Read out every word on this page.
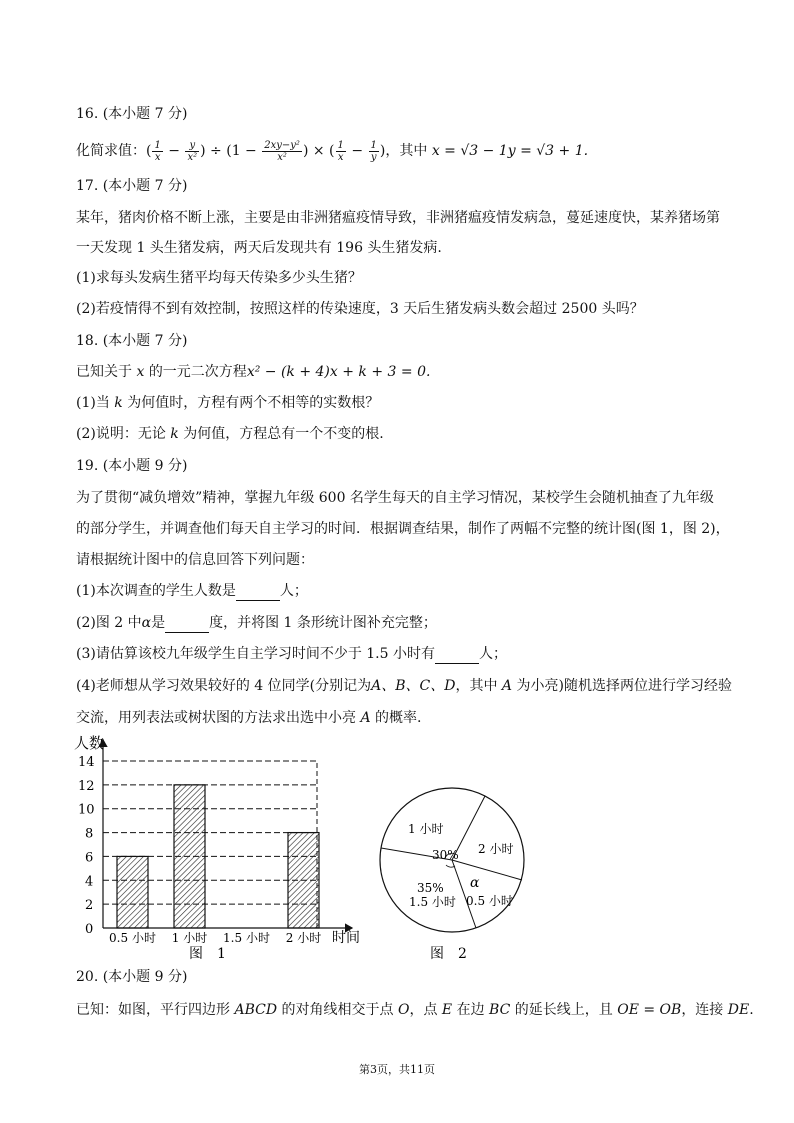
16. (本小题 7 分)
化简求值：( $\frac{1}{x} - \frac{y}{\text{x²}}$ ) ÷ ($1 - \frac{\text{2xy−y²}}{\text{x²}}$ ) × ( $\frac{1}{x} - \frac{1}{y}$ )，其中 x = √3 − 1y = √3 + 1.
17. (本小题 7 分)
某年，猪肉价格不断上涨，主要是由非洲猪瘟疫情导致，非洲猪瘟疫情发病急，蔓延速度快，某养猪场第
一天发现 1 头生猪发病，两天后发现共有 196 头生猪发病.
(1)求每头发病生猪平均每天传染多少头生猪？
(2)若疫情得不到有效控制，按照这样的传染速度，3 天后生猪发病头数会超过 2500 头吗？
18. (本小题 7 分)
已知关于 x 的一元二次方程x² − (k + 4)x + k + 3 = 0.
(1)当 k 为何值时，方程有两个不相等的实数根？
(2)说明：无论 k 为何值，方程总有一个不变的根.
19. (本小题 9 分)
为了贯彻“减负增效”精神，掌握九年级 600 名学生每天的自主学习情况，某校学生会随机抽查了九年级
的部分学生，并调查他们每天自主学习的时间．根据调查结果，制作了两幅不完整的统计图(图 1，图 2)，
请根据统计图中的信息回答下列问题：
(1)本次调查的学生人数是	人；
(2)图 2 中α是	度，并将图 1 条形统计图补充完整；
(3)请估算该校九年级学生自主学习时间不少于 1.5 小时有	人；
(4)老师想从学习效果较好的 4 位同学(分别记为A、B、C、D，其中 A 为小亮)随机选择两位进行学习经验
交流，用列表法或树状图的方法求出选中小亮 A 的概率.
人数
0
2
4
6
8
10
12
14
0.5 小时 1 小时 1.5 小时 2 小时 时间
图　1
1 小时
2 小时
0.5 小时
35%
1.5 小时
30%
α
图　2
20. (本小题 9 分)
已知：如图，平行四边形 ABCD 的对角线相交于点 O，点 E 在边 BC 的延长线上，且 OE = OB，连接 DE.
第3页，共11页
